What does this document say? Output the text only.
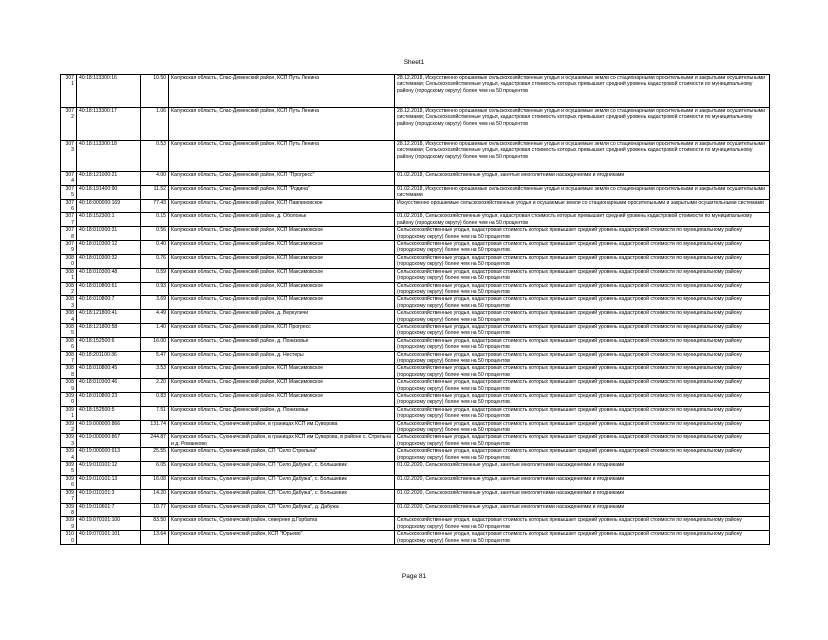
Sheet1
3071	40:18:113300:16	10.50	Калужская область, Спас-Деменский район, КСП Путь Ленина	28.12.2018, Искусственно орошаемые сельскохозяйственные угодья и осушаемые земли со стационарными оросительными и закрытыми осушительными системами; Сельскохозяйственные угодья, кадастровая стоимость которых превышает средний уровень кадастровой стоимости по муниципальному району (городскому округу) более чем на 50 процентов
3072	40:18:113300:17	1.06	Калужская область, Спас-Деменский район, КСП Путь Ленина	28.12.2018, Искусственно орошаемые сельскохозяйственные угодья и осушаемые земли со стационарными оросительными и закрытыми осушительными системами; Сельскохозяйственные угодья, кадастровая стоимость которых превышает средний уровень кадастровой стоимости по муниципальному району (городскому округу) более чем на 50 процентов
3073	40:18:113300:18	0.53	Калужская область, Спас-Деменский район, КСП Путь Ленина	28.12.2018, Искусственно орошаемые сельскохозяйственные угодья и осушаемые земли со стационарными оросительными и закрытыми осушительными системами; Сельскохозяйственные угодья, кадастровая стоимость которых превышает средний уровень кадастровой стоимости по муниципальному району (городскому округу) более чем на 50 процентов
3074	40:18:121000:21	4.00	Калужская область, Спас-Деменский район, КСП "Прогресс"	01.02.2018, Сельскохозяйственные угодья, занятые многолетними насаждениями и ягодниками
3075	40:18:191400:90	11.52	Калужская область, Спас-Деменский район, КСП "Родина"	01.02.2018, Искусственно орошаемые сельскохозяйственные угодья и осушаемые земли со стационарными оросительными и закрытыми осушительными системами
3076	40:18:000000:169	77.43	Калужская область, Спас-Деменский район, КСП Павлиновское	Искусственно орошаемые сельскохозяйственные угодья и осушаемые земли со стационарными оросительными и закрытыми осушительными системами
3077	40:18:152300:1	0.15	Калужская область, Спас-Деменский район, д. Оболоньк	01.02.2018, Сельскохозяйственные угодья, кадастровая стоимость которых превышает средний уровень кадастровой стоимости по муниципальному району (городскому округу) более чем на 50 процентов
3078	40:18:010300:31	0.56	Калужская область, Спас-Деменский район, КСП Максимовское	Сельскохозяйственные угодья, кадастровая стоимость которых превышает средний уровень кадастровой стоимости по муниципальному району (городскому округу) более чем на 50 процентов
3079	40:18:010300:12	0.40	Калужская область, Спас-Деменский район, КСП Максимовское	Сельскохозяйственные угодья, кадастровая стоимость которых превышает средний уровень кадастровой стоимости по муниципальному району (городскому округу) более чем на 50 процентов
3080	40:18:010300:32	0.76	Калужская область, Спас-Деменский район, КСП Максимовское	Сельскохозяйственные угодья, кадастровая стоимость которых превышает средний уровень кадастровой стоимости по муниципальному району (городскому округу) более чем на 50 процентов
3081	40:18:010300:48	0.59	Калужская область, Спас-Деменский район, КСП Максимовское	Сельскохозяйственные угодья, кадастровая стоимость которых превышает средний уровень кадастровой стоимости по муниципальному району (городскому округу) более чем на 50 процентов
3082	40:18:010800:61	0.93	Калужская область, Спас-Деменский район, КСП Максимовское	Сельскохозяйственные угодья, кадастровая стоимость которых превышает средний уровень кадастровой стоимости по муниципальному району (городскому округу) более чем на 50 процентов
3083	40:18:010800:7	3.69	Калужская область, Спас-Деменский район, КСП Максимовское	Сельскохозяйственные угодья, кадастровая стоимость которых превышает средний уровень кадастровой стоимости по муниципальному району (городскому округу) более чем на 50 процентов
3084	40:18:121800:41	4.49	Калужская область, Спас-Деменский район, д. Веркуличи	Сельскохозяйственные угодья, кадастровая стоимость которых превышает средний уровень кадастровой стоимости по муниципальному району (городскому округу) более чем на 50 процентов
3085	40:18:121800:58	1.40	Калужская область, Спас-Деменский район, КСП Прогресс	Сельскохозяйственные угодья, кадастровая стоимость которых превышает средний уровень кадастровой стоимости по муниципальному району (городскому округу) более чем на 50 процентов
3086	40:18:152500:6	16.00	Калужская область, Спас-Деменский район, д. Понизовье	Сельскохозяйственные угодья, кадастровая стоимость которых превышает средний уровень кадастровой стоимости по муниципальному району (городскому округу) более чем на 50 процентов
3087	40:18:201100:36	5.47	Калужская область, Спас-Деменский район, д. Нестеры	Сельскохозяйственные угодья, кадастровая стоимость которых превышает средний уровень кадастровой стоимости по муниципальному району (городскому округу) более чем на 50 процентов
3088	40:18:010800:45	3.53	Калужская область, Спас-Деменский район, КСП Максимовское	Сельскохозяйственные угодья, кадастровая стоимость которых превышает средний уровень кадастровой стоимости по муниципальному району (городскому округу) более чем на 50 процентов
3089	40:18:010300:46	2.20	Калужская область, Спас-Деменский район, КСП Максимовское	Сельскохозяйственные угодья, кадастровая стоимость которых превышает средний уровень кадастровой стоимости по муниципальному району (городскому округу) более чем на 50 процентов
3090	40:18:010800:23	0.83	Калужская область, Спас-Деменский район, КСП Максимовское	Сельскохозяйственные угодья, кадастровая стоимость которых превышает средний уровень кадастровой стоимости по муниципальному району (городскому округу) более чем на 50 процентов
3091	40:18:152500:5	7.51	Калужская область, Спас-Деменский район, д. Понизовье	Сельскохозяйственные угодья, кадастровая стоимость которых превышает средний уровень кадастровой стоимости по муниципальному району (городскому округу) более чем на 50 процентов
3092	40:19:000000:866	131.74	Калужская область, Сухиничский район, в границах КСП им.Суворова	Сельскохозяйственные угодья, кадастровая стоимость которых превышает средний уровень кадастровой стоимости по муниципальному району (городскому округу) более чем на 50 процентов
3093	40:19:000000:867	244.87	Калужская область, Сухиничский район, в границах КСП им Суворова, в районе с. Стрельна и д. Романково	Сельскохозяйственные угодья, кадастровая стоимость которых превышает средний уровень кадастровой стоимости по муниципальному району (городскому округу) более чем на 50 процентов
3094	40:19:000000:913	25.55	Калужская область, Сухиничский район, СП "Село Стрельна"	Сельскохозяйственные угодья, кадастровая стоимость которых превышает средний уровень кадастровой стоимости по муниципальному району (городскому округу) более чем на 50 процентов
3095	40:19:010101:12	6.05	Калужская область, Сухиничский район, СП "Село Дабужа", с. Большевик	01.02.2020, Сельскохозяйственные угодья, занятые многолетними насаждениями и ягодниками
3096	40:19:010101:13	16.08	Калужская область, Сухиничский район, СП "Село Дабужа", с. Большевик	01.02.2020, Сельскохозяйственные угодья, занятые многолетними насаждениями и ягодниками
3097	40:19:010101:3	14.20	Калужская область, Сухиничский район, СП "Село Дабужа", с. Большевик	01.02.2020, Сельскохозяйственные угодья, занятые многолетними насаждениями и ягодниками
3098	40:19:010601:7	10.77	Калужская область, Сухиничский район, СП "Село Дабужа", д. Дабужа	01.02.2020, Сельскохозяйственные угодья, занятые многолетними насаждениями и ягодниками
3099	40:19:070101:100	83.50	Калужская область, Сухиничский район, севернее д.Горбатка	Сельскохозяйственные угодья, кадастровая стоимость которых превышает средний уровень кадастровой стоимости по муниципальному району (городскому округу) более чем на 50 процентов
3100	40:19:070101:101	13.64	Калужская область, Сухиничский район, КСП "Юрьево"	Сельскохозяйственные угодья, кадастровая стоимость которых превышает средний уровень кадастровой стоимости по муниципальному району (городскому округу) более чем на 50 процентов
Page 81
